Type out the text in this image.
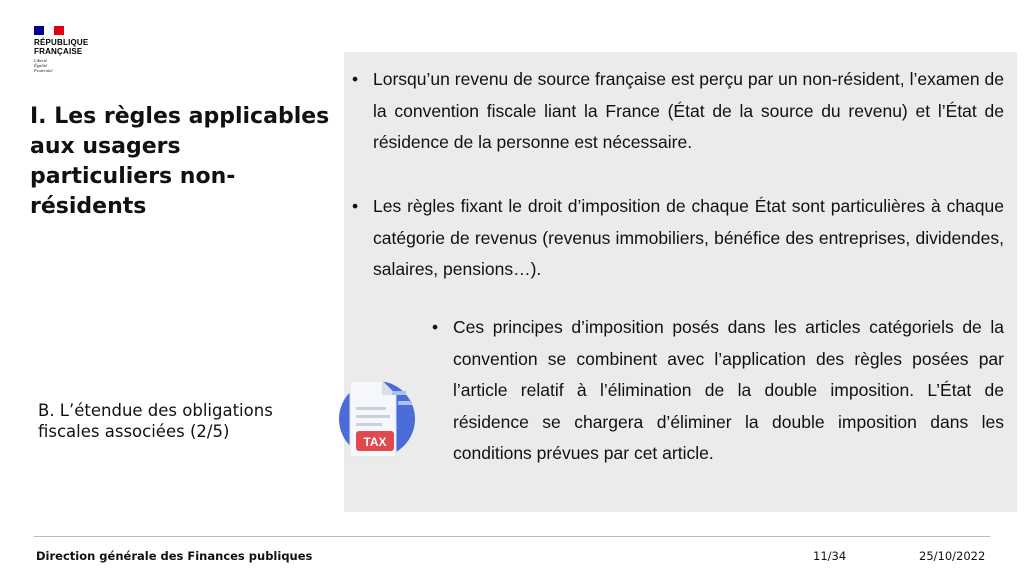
RÉPUBLIQUE
FRANÇAISE
Liberté
Égalité
Fraternité
I. Les règles applicables aux usagers particuliers non-résidents
B. L’étendue des obligations fiscales associées (2/5)
• Lorsqu’un revenu de source française est perçu par un non-résident, l’examen de la convention fiscale liant la France (État de la source du revenu) et l’État de résidence de la personne est nécessaire.
• Les règles fixant le droit d’imposition de chaque État sont particulières à chaque catégorie de revenus (revenus immobiliers, bénéfice des entreprises, dividendes, salaires, pensions…).
• Ces principes d’imposition posés dans les articles catégoriels de la convention se combinent avec l’application des règles posées par l’article relatif à l’élimination de la double imposition. L’État de résidence se chargera d’éliminer la double imposition dans les conditions prévues par cet article.
TAX
Direction générale des Finances publiques	11/34	25/10/2022
